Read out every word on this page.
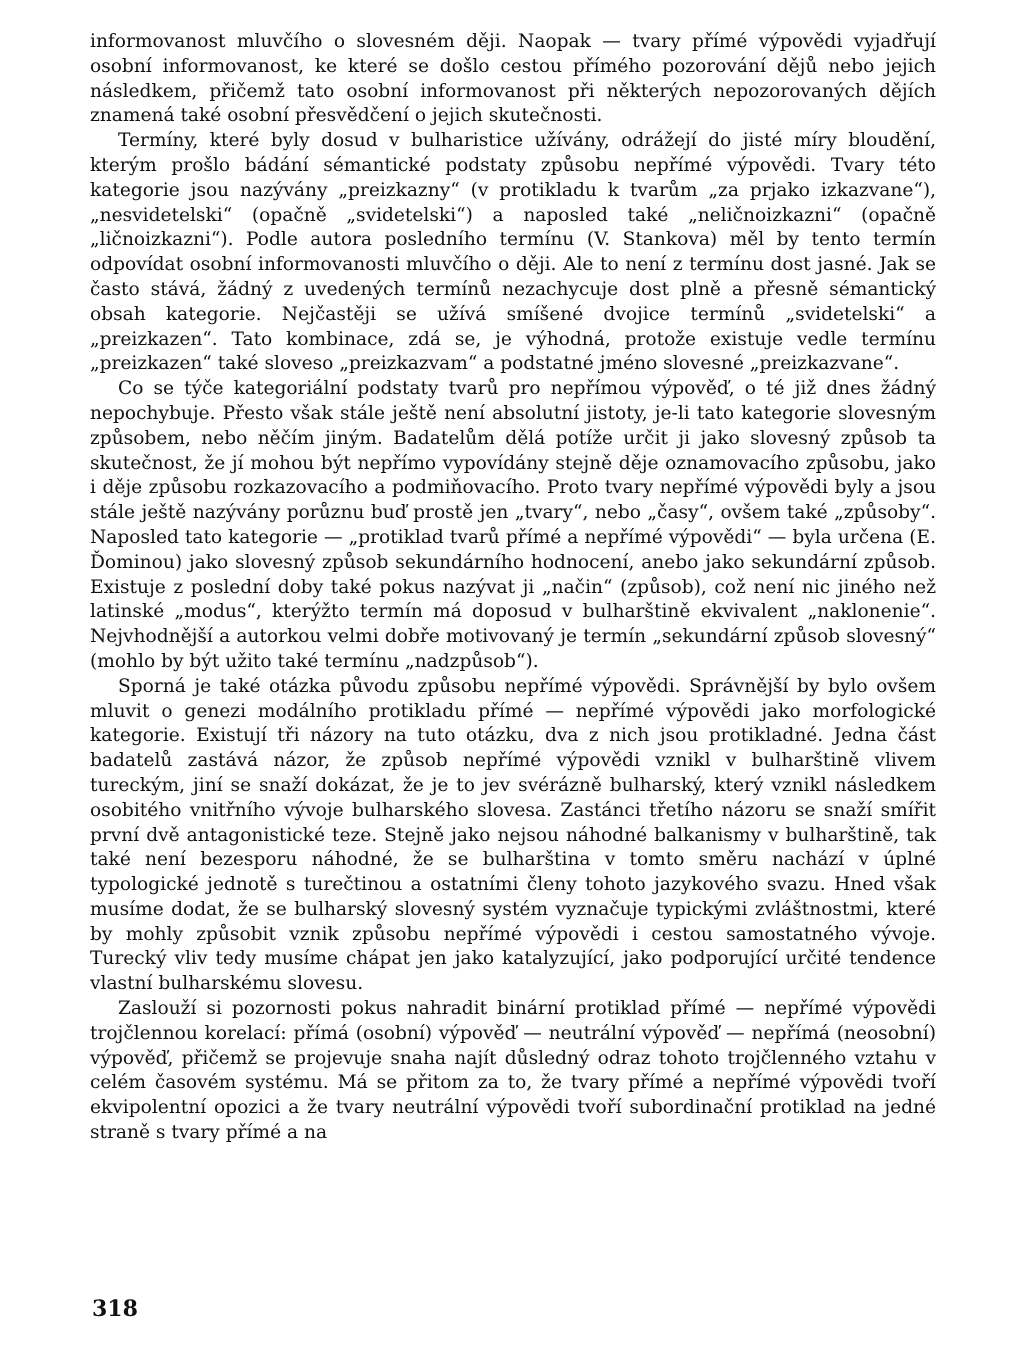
informovanost mluvčího o slovesném ději. Naopak — tvary přímé výpovědi vyjadřují osobní informovanost, ke které se došlo cestou přímého pozorování dějů nebo jejich následkem, přičemž tato osobní informovanost při některých nepozorovaných dějích znamená také osobní přesvědčení o jejich skutečnosti.

Termíny, které byly dosud v bulharistice užívány, odrážejí do jisté míry bloudění, kterým prošlo bádání sémantické podstaty způsobu nepřímé výpovědi. Tvary této kategorie jsou nazývány „preizkazny“ (v protikladu k tvarům „za prjako izkazvane“), „nesvidetelski“ (opačně „svidetelski“) a naposled také „neličnoizkazni“ (opačně „ličnoizkazni“). Podle autora posledního termínu (V. Stankova) měl by tento termín odpovídat osobní informovanosti mluvčího o ději. Ale to není z termínu dost jasné. Jak se často stává, žádný z uvedených termínů nezachycuje dost plně a přesně sémantický obsah kategorie. Nejčastěji se užívá smíšené dvojice termínů „svidetelski“ a „preizkazen“. Tato kombinace, zdá se, je výhodná, protože existuje vedle termínu „preizkazen“ také sloveso „preizkazvam“ a podstatné jméno slovesné „preizkazvane“.

Co se týče kategoriální podstaty tvarů pro nepřímou výpověď, o té již dnes žádný nepochybuje. Přesto však stále ještě není absolutní jistoty, je-li tato kategorie slovesným způsobem, nebo něčím jiným. Badatelům dělá potíže určit ji jako slovesný způsob ta skutečnost, že jí mohou být nepřímo vypovídány stejně děje oznamovacího způsobu, jako i děje způsobu rozkazovacího a podmiňovacího. Proto tvary nepřímé výpovědi byly a jsou stále ještě nazývány porůznu buď prostě jen „tvary“, nebo „časy“, ovšem také „způsoby“. Naposled tato kategorie — „protiklad tvarů přímé a nepřímé výpovědi“ — byla určena (E. Ďominou) jako slovesný způsob sekundárního hodnocení, anebo jako sekundární způsob. Existuje z poslední doby také pokus nazývat ji „način“ (způsob), což není nic jiného než latinské „modus“, kterýžto termín má doposud v bulharštině ekvivalent „naklonenie“. Nejvhodnější a autorkou velmi dobře motivovaný je termín „sekundární způsob slovesný“ (mohlo by být užito také termínu „nadzpůsob“).

Sporná je také otázka původu způsobu nepřímé výpovědi. Správnější by bylo ovšem mluvit o genezi modálního protikladu přímé — nepřímé výpovědi jako morfologické kategorie. Existují tři názory na tuto otázku, dva z nich jsou protikladné. Jedna část badatelů zastává názor, že způsob nepřímé výpovědi vznikl v bulharštině vlivem tureckým, jiní se snaží dokázat, že je to jev svérázně bulharský, který vznikl následkem osobitého vnitřního vývoje bulharského slovesa. Zastánci třetího názoru se snaží smířit první dvě antagonistické teze. Stejně jako nejsou náhodné balkanismy v bulharštině, tak také není bezesporu náhodné, že se bulharština v tomto směru nachází v úplné typologické jednotě s turečtinou a ostatními členy tohoto jazykového svazu. Hned však musíme dodat, že se bulharský slovesný systém vyznačuje typickými zvláštnostmi, které by mohly způsobit vznik způsobu nepřímé výpovědi i cestou samostatného vývoje. Turecký vliv tedy musíme chápat jen jako katalyzující, jako podporující určité tendence vlastní bulharskému slovesu.

Zaslouží si pozornosti pokus nahradit binární protiklad přímé — nepřímé výpovědi trojčlennou korelací: přímá (osobní) výpověď — neutrální výpověď — nepřímá (neosobní) výpověď, přičemž se projevuje snaha najít důsledný odraz tohoto trojčlenného vztahu v celém časovém systému. Má se přitom za to, že tvary přímé a nepřímé výpovědi tvoří ekvipolentní opozici a že tvary neutrální výpovědi tvoří subordinační protiklad na jedné straně s tvary přímé a na

318
